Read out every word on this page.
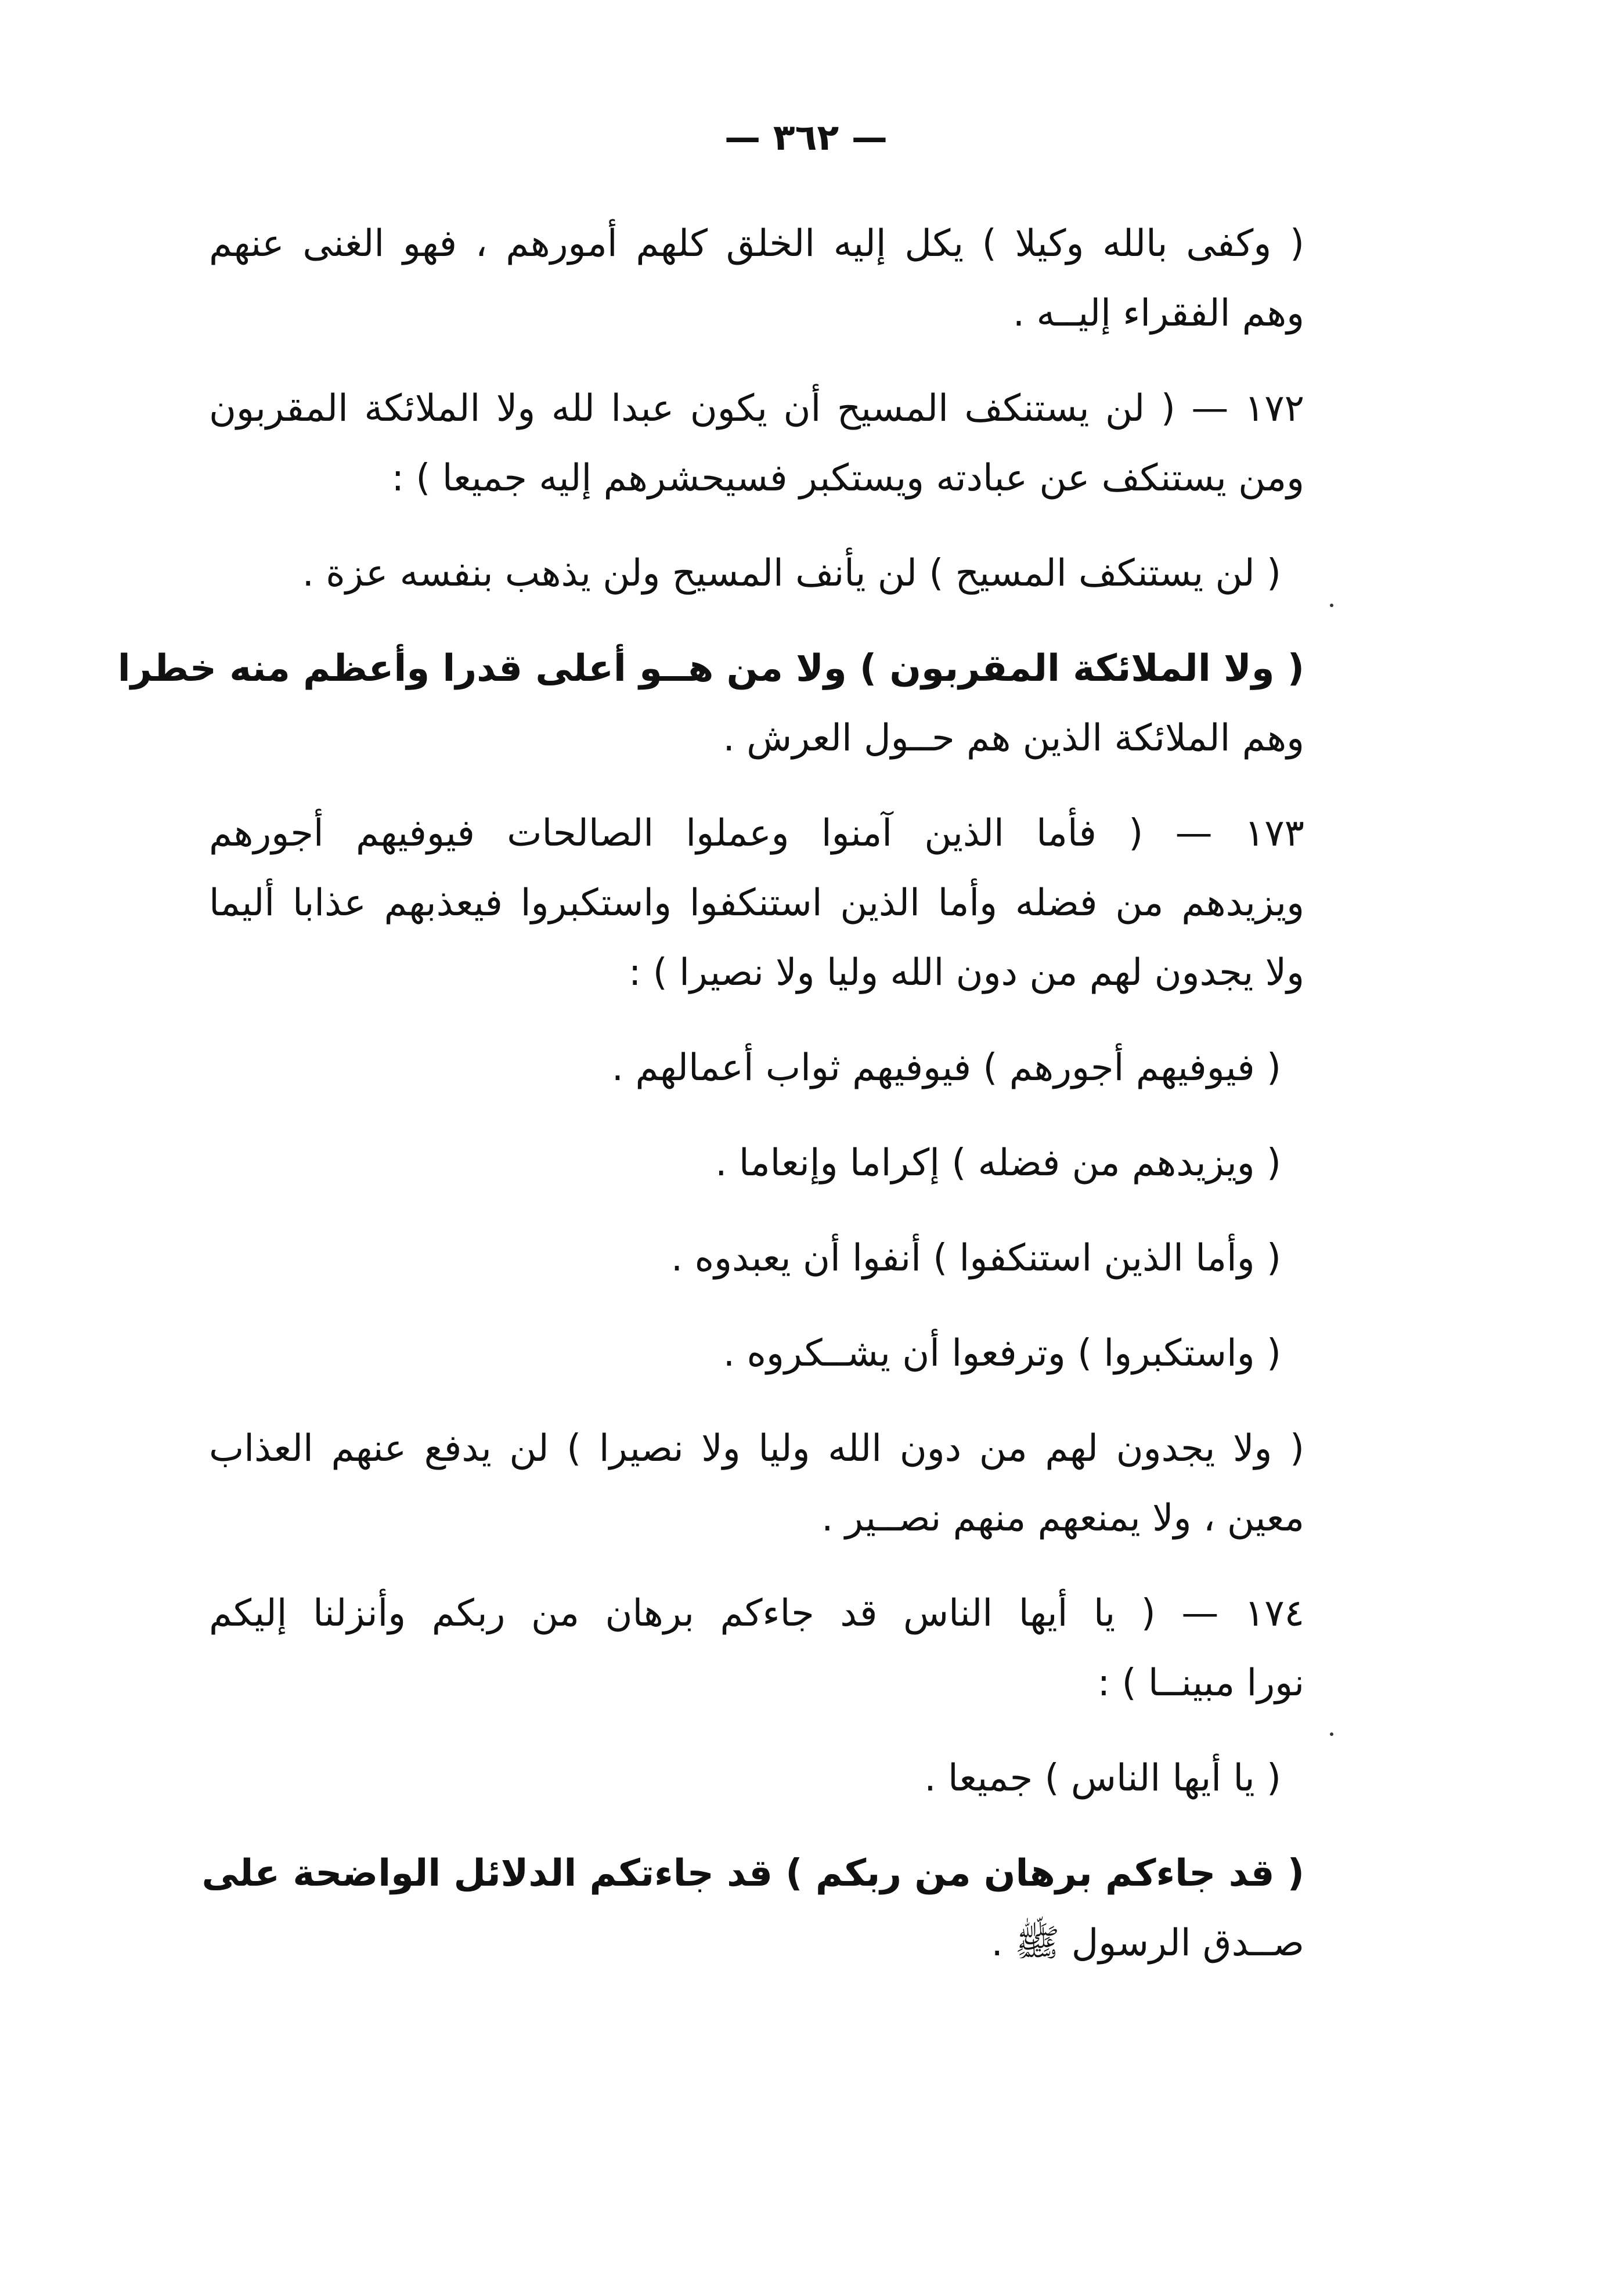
— ٣٦٢ —

( وكفى بالله وكيلا ) يكل إليه الخلق كلهم أمورهم ، فهو الغنى عنهم

وهم الفقراء إليــه .

١٧٢ — ( لن يستنكف المسيح أن يكون عبدا لله ولا الملائكة المقربون

ومن يستنكف عن عبادته ويستكبر فسيحشرهم إليه جميعا ) :

( لن يستنكف المسيح ) لن يأنف المسيح ولن يذهب بنفسه عزة .

( ولا الملائكة المقربون ) ولا من هــو أعلى قدرا وأعظم منه خطرا

وهم الملائكة الذين هم حــول العرش .

١٧٣ — ( فأما الذين آمنوا وعملوا الصالحات فيوفيهم أجورهم

ويزيدهم من فضله وأما الذين استنكفوا واستكبروا فيعذبهم عذابا أليما

ولا يجدون لهم من دون الله وليا ولا نصيرا ) :

( فيوفيهم أجورهم ) فيوفيهم ثواب أعمالهم .

( ويزيدهم من فضله ) إكراما وإنعاما .

( وأما الذين استنكفوا ) أنفوا أن يعبدوه .

( واستكبروا ) وترفعوا أن يشــكروه .

( ولا يجدون لهم من دون الله وليا ولا نصيرا ) لن يدفع عنهم العذاب

معين ، ولا يمنعهم منهم نصــير .

١٧٤ — ( يا أيها الناس قد جاءكم برهان من ربكم وأنزلنا إليكم

نورا مبينــا ) :

( يا أيها الناس ) جميعا .

( قد جاءكم برهان من ربكم ) قد جاءتكم الدلائل الواضحة على

صــدق الرسول ﷺ .
